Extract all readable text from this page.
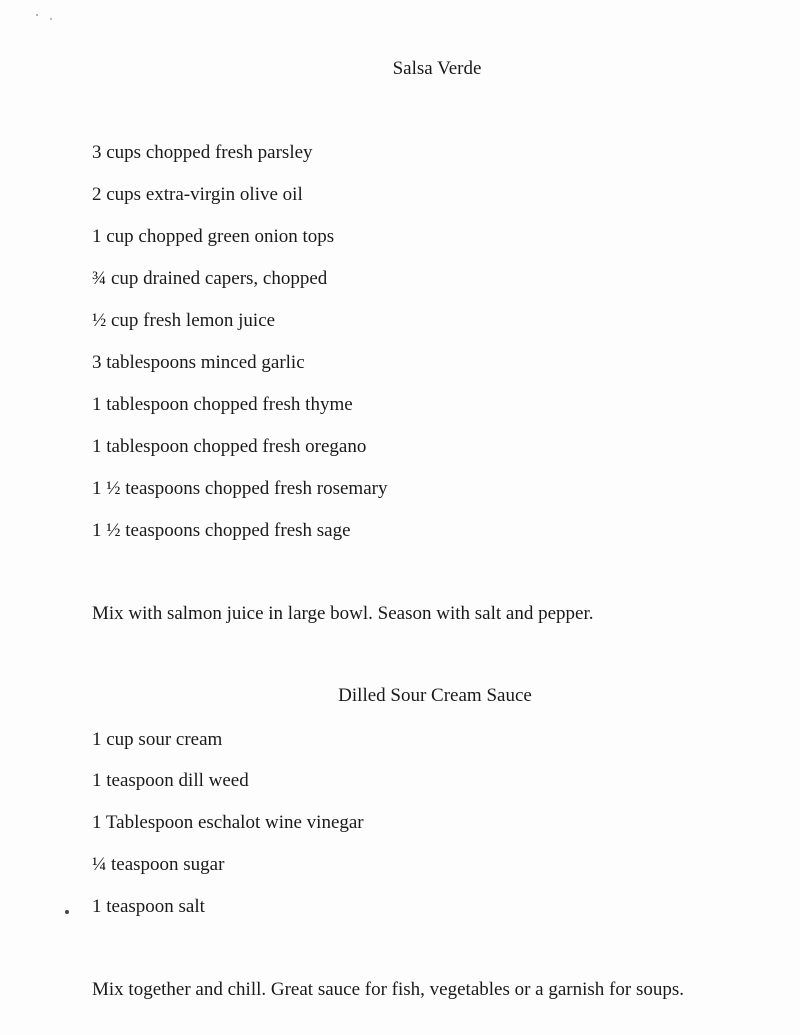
Salsa Verde
3 cups chopped fresh parsley
2 cups extra-virgin olive oil
1 cup chopped green onion tops
¾ cup drained capers, chopped
½ cup fresh lemon juice
3 tablespoons minced garlic
1 tablespoon chopped fresh thyme
1 tablespoon chopped fresh oregano
1 ½ teaspoons chopped fresh rosemary
1 ½ teaspoons chopped fresh sage
Mix with salmon juice in large bowl. Season with salt and pepper.
Dilled Sour Cream Sauce
1 cup sour cream
1 teaspoon dill weed
1 Tablespoon eschalot wine vinegar
¼ teaspoon sugar
1 teaspoon salt
Mix together and chill. Great sauce for fish, vegetables or a garnish for soups.
